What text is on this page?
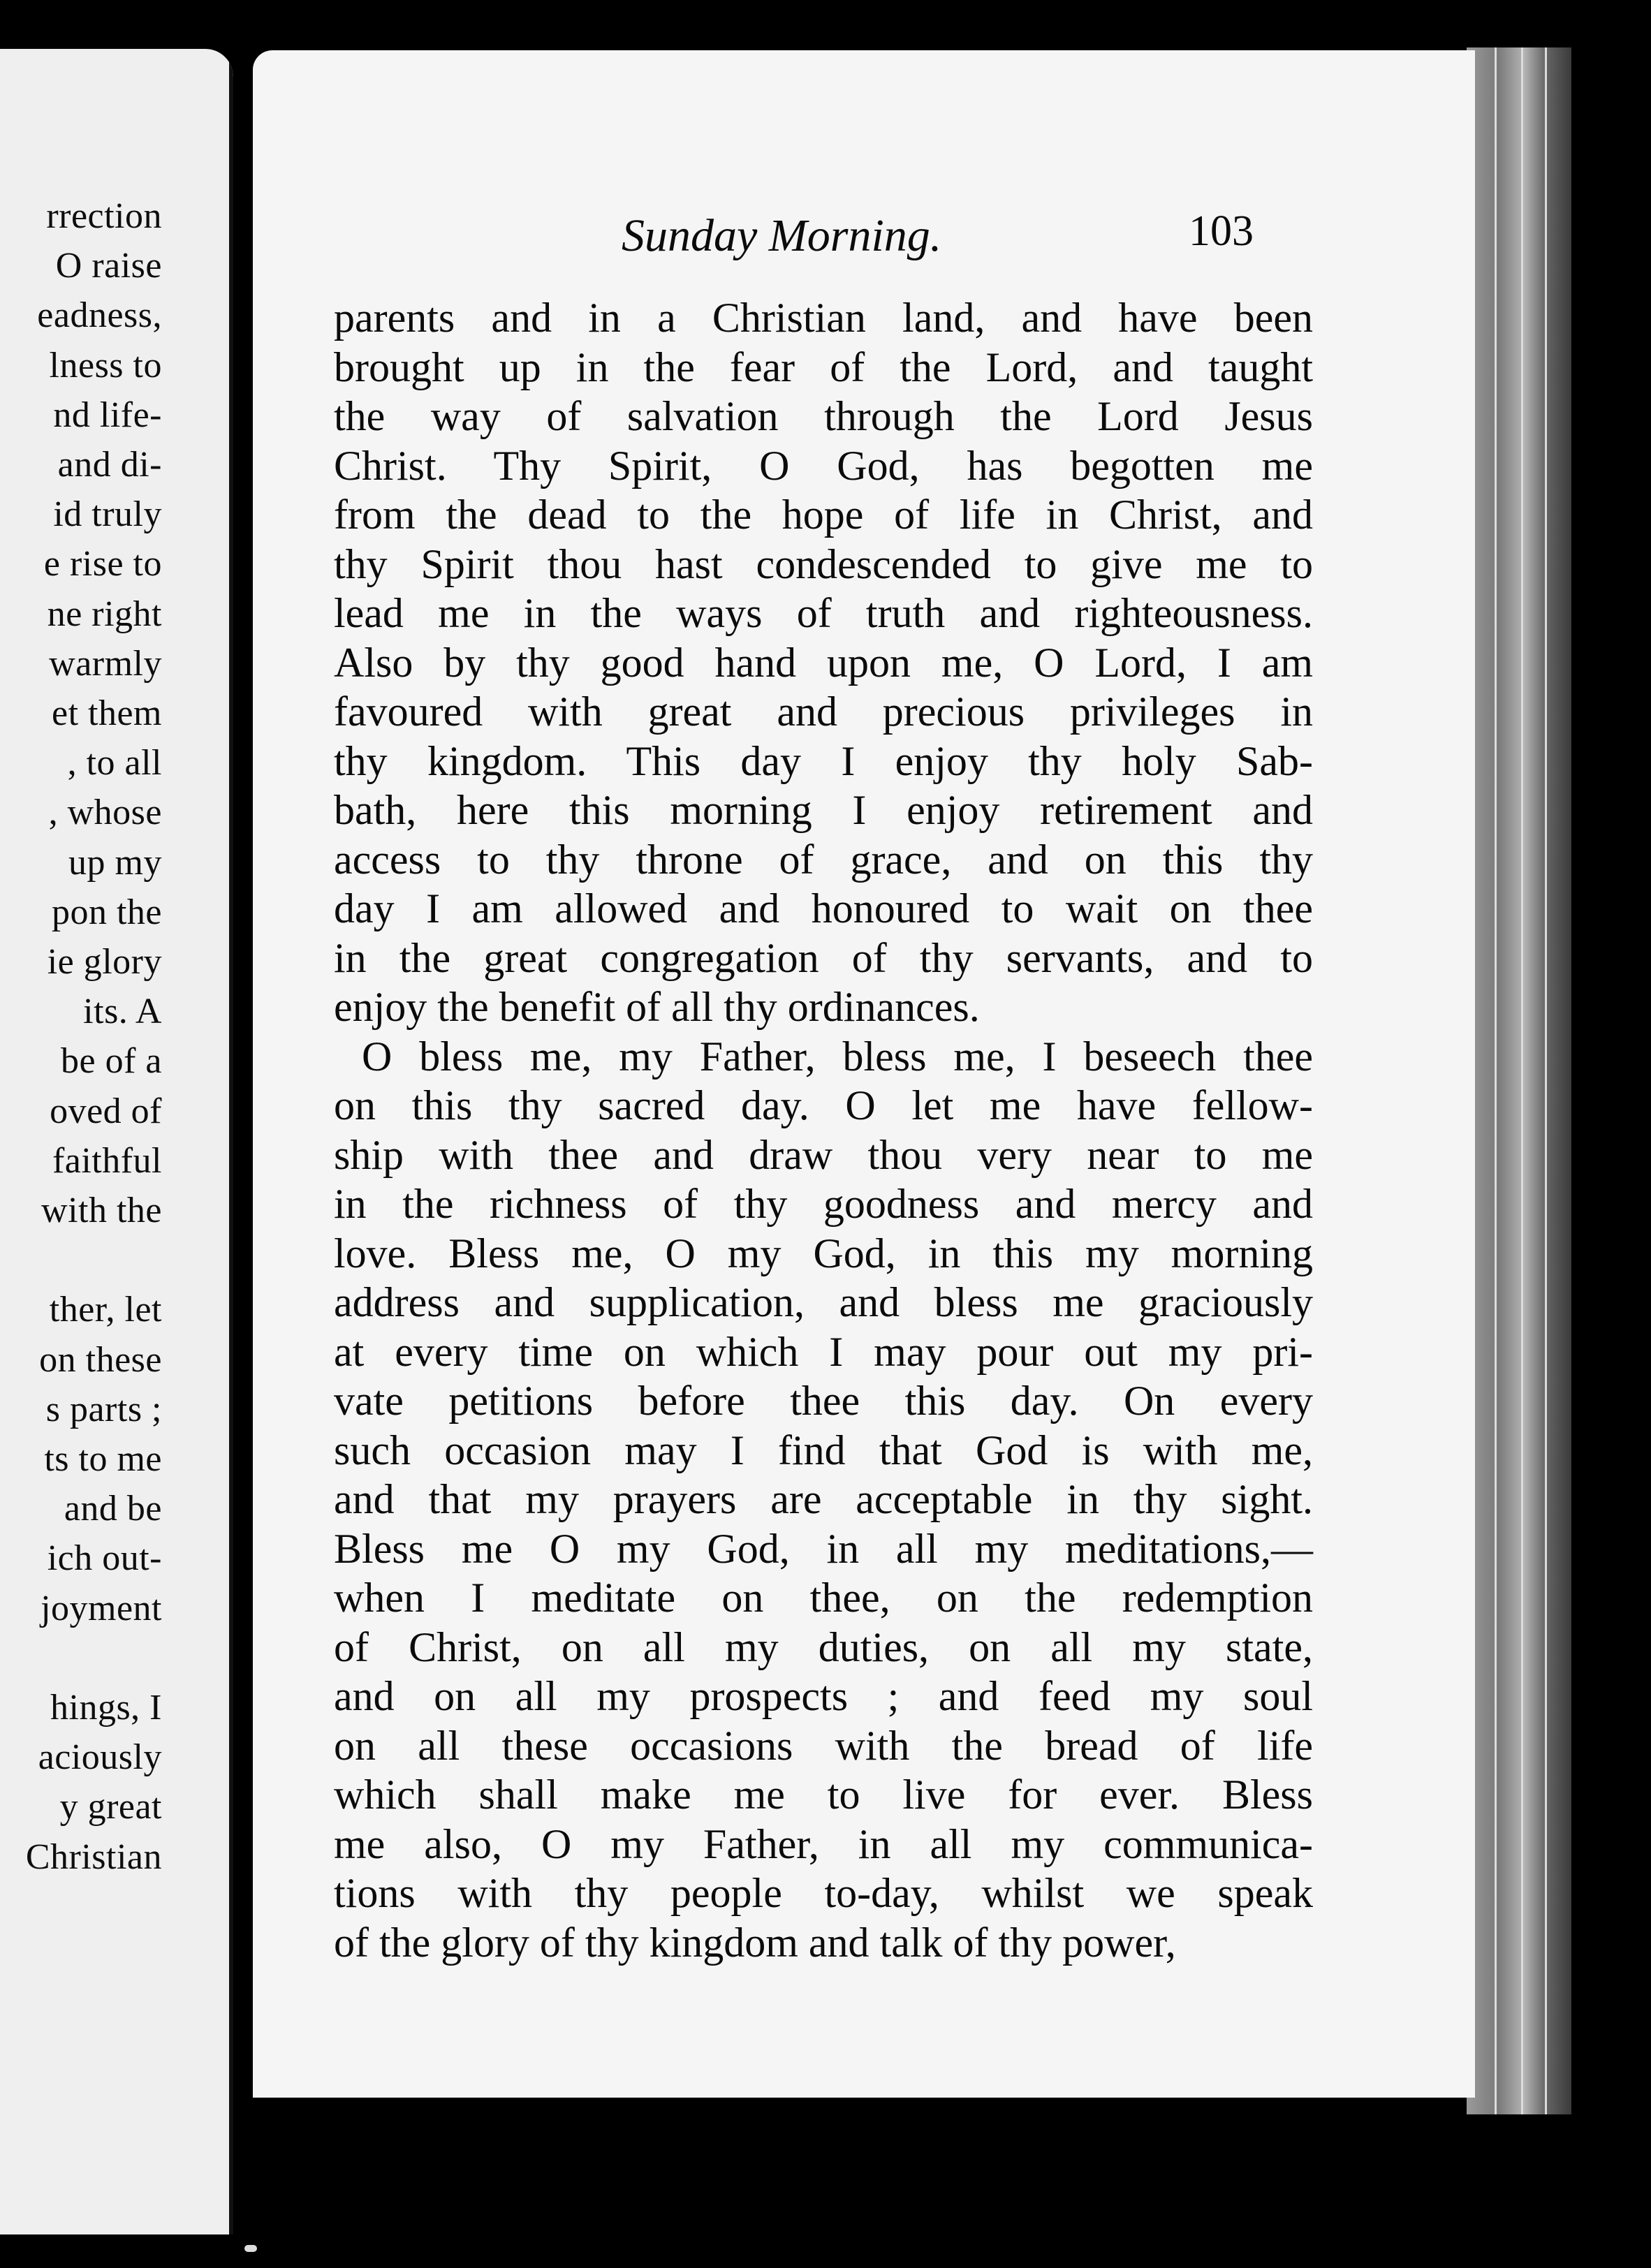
rrection
O raise
eadness,
lness to
nd life-
and di-
id truly
e rise to
ne right
warmly
et them
, to all
, whose
up my
pon the
ie glory
its. A
be of a
oved of
faithful
with the
ther, let
on these
s parts ;
ts to me
and be
ich out-
joyment
hings, I
aciously
y great
Christian
103
parents and in a Christian land, and have been
brought up in the fear of the Lord, and taught
the way of salvation through the Lord Jesus
Christ. Thy Spirit, O God, has begotten me
from the dead to the hope of life in Christ, and
thy Spirit thou hast condescended to give me to
lead me in the ways of truth and righteousness.
Also by thy good hand upon me, O Lord, I am
favoured with great and precious privileges in
thy kingdom. This day I enjoy thy holy Sab-
bath, here this morning I enjoy retirement and
access to thy throne of grace, and on this thy
day I am allowed and honoured to wait on thee
in the great congregation of thy servants, and to
enjoy the benefit of all thy ordinances.
O bless me, my Father, bless me, I beseech thee
on this thy sacred day. O let me have fellow-
ship with thee and draw thou very near to me
in the richness of thy goodness and mercy and
love. Bless me, O my God, in this my morning
address and supplication, and bless me graciously
at every time on which I may pour out my pri-
vate petitions before thee this day. On every
such occasion may I find that God is with me,
and that my prayers are acceptable in thy sight.
Bless me O my God, in all my meditations,—
when I meditate on thee, on the redemption
of Christ, on all my duties, on all my state,
and on all my prospects ; and feed my soul
on all these occasions with the bread of life
which shall make me to live for ever. Bless
me also, O my Father, in all my communica-
tions with thy people to-day, whilst we speak
of the glory of thy kingdom and talk of thy power,
